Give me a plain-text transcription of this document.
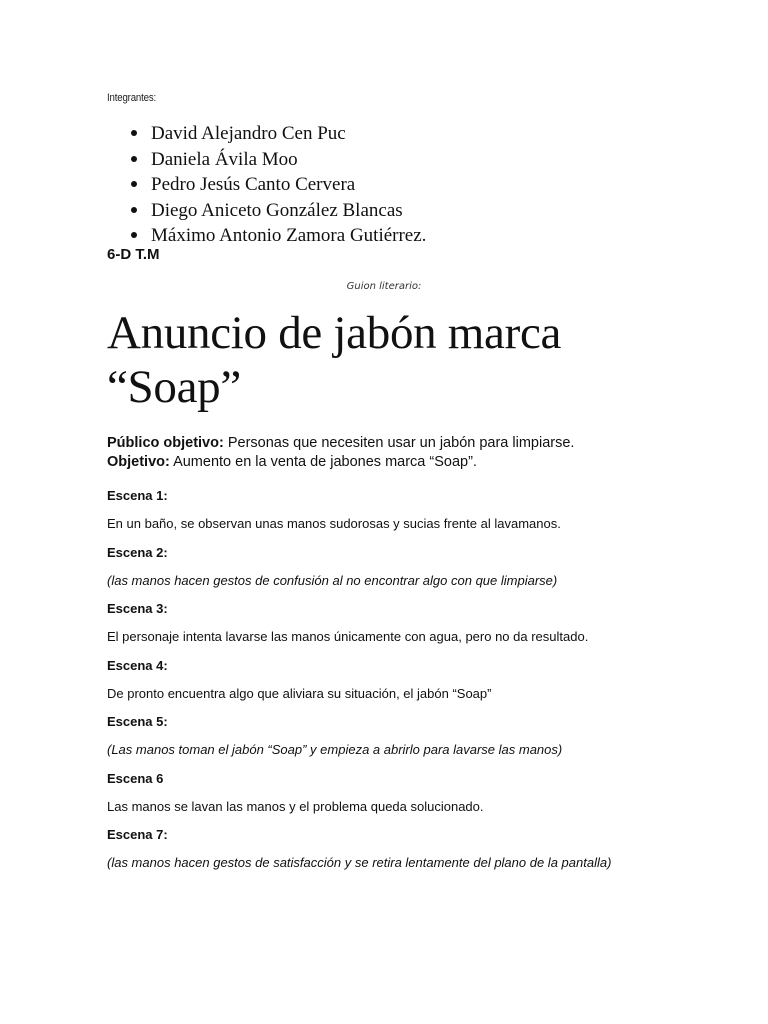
Integrantes:
David Alejandro Cen Puc
Daniela Ávila Moo
Pedro Jesús Canto Cervera
Diego Aniceto González Blancas
Máximo Antonio Zamora Gutiérrez.
6-D T.M
Guion literario:
Anuncio de jabón marca
“Soap”
Público objetivo: Personas que necesiten usar un jabón para limpiarse.
Objetivo: Aumento en la venta de jabones marca “Soap”.
Escena 1:
En un baño, se observan unas manos sudorosas y sucias frente al lavamanos.
Escena 2:
(las manos hacen gestos de confusión al no encontrar algo con que limpiarse)
Escena 3:
El personaje intenta lavarse las manos únicamente con agua, pero no da resultado.
Escena 4:
De pronto encuentra algo que aliviara su situación, el jabón “Soap”
Escena 5:
(Las manos toman el jabón “Soap” y empieza a abrirlo para lavarse las manos)
Escena 6
Las manos se lavan las manos y el problema queda solucionado.
Escena 7:
(las manos hacen gestos de satisfacción y se retira lentamente del plano de la pantalla)
